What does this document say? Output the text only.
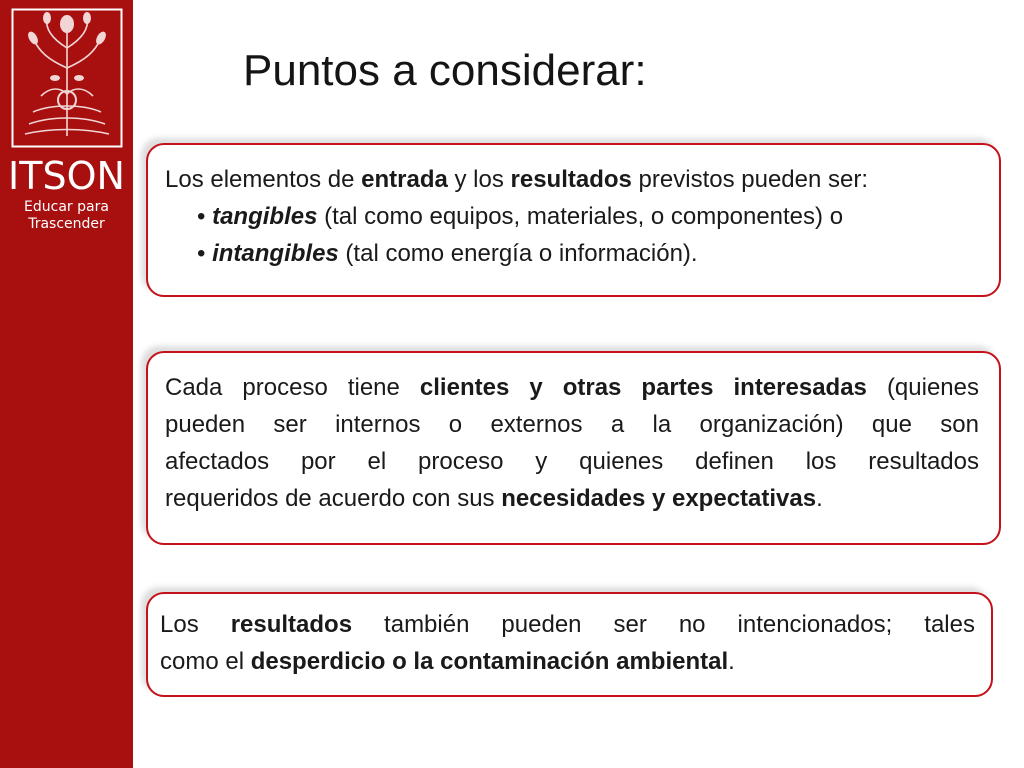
ITSON
Educar para
Trascender
Puntos a considerar:
Los elementos de entrada y los resultados previstos pueden ser:
• tangibles (tal como equipos, materiales, o componentes) o
• intangibles (tal como energía o información).
Cada proceso tiene clientes y otras partes interesadas (quienes
pueden ser internos o externos a la organización) que son
afectados por el proceso y quienes definen los resultados
requeridos de acuerdo con sus necesidades y expectativas.
Los resultados también pueden ser no intencionados; tales
como el desperdicio o la contaminación ambiental.
